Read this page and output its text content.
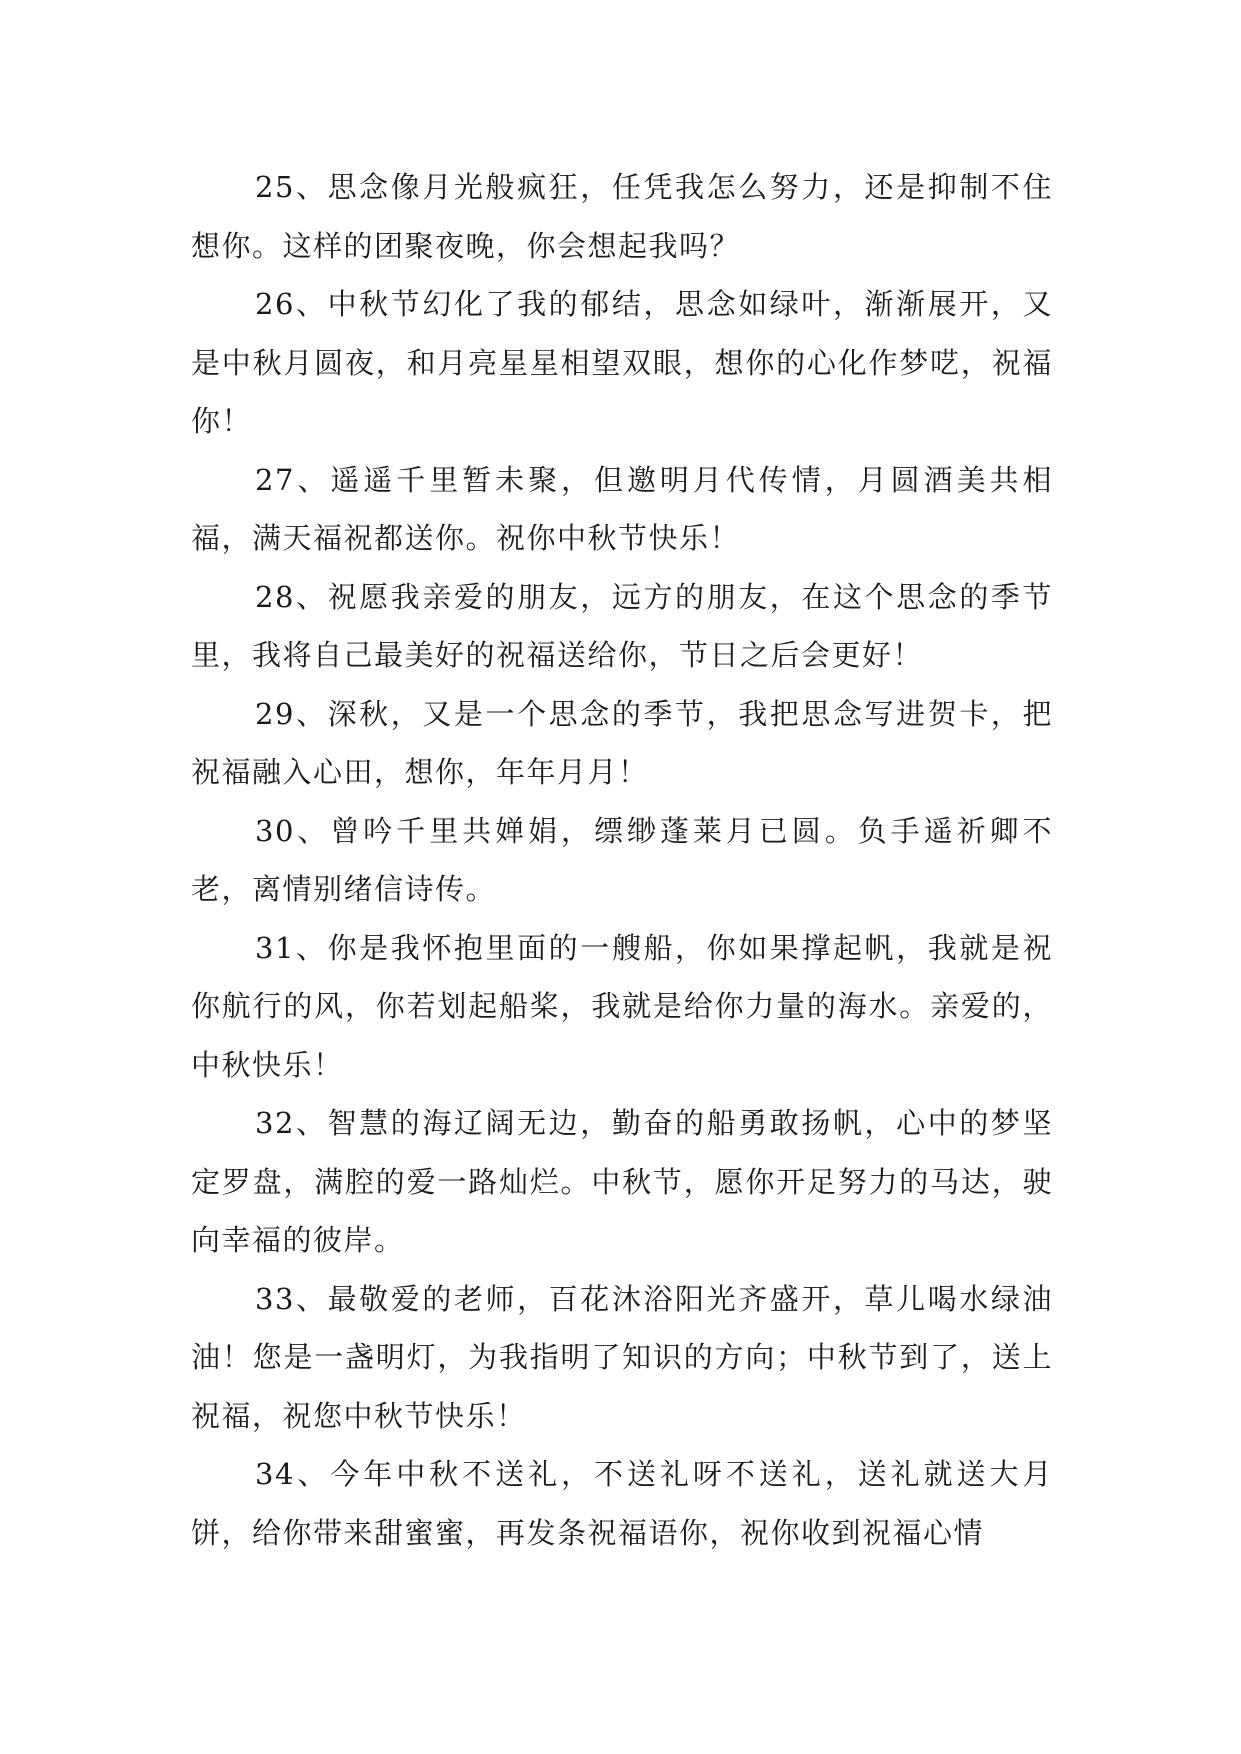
25、思念像月光般疯狂，任凭我怎么努力，还是抑制不住想你。这样的团聚夜晚，你会想起我吗？

26、中秋节幻化了我的郁结，思念如绿叶，渐渐展开，又是中秋月圆夜，和月亮星星相望双眼，想你的心化作梦呓，祝福你！

27、遥遥千里暂未聚，但邀明月代传情，月圆酒美共相福，满天福祝都送你。祝你中秋节快乐！

28、祝愿我亲爱的朋友，远方的朋友，在这个思念的季节里，我将自己最美好的祝福送给你，节日之后会更好！

29、深秋，又是一个思念的季节，我把思念写进贺卡，把祝福融入心田，想你，年年月月！

30、曾吟千里共婵娟，缥缈蓬莱月已圆。负手遥祈卿不老，离情别绪信诗传。

31、你是我怀抱里面的一艘船，你如果撑起帆，我就是祝你航行的风，你若划起船桨，我就是给你力量的海水。亲爱的，中秋快乐！

32、智慧的海辽阔无边，勤奋的船勇敢扬帆，心中的梦坚定罗盘，满腔的爱一路灿烂。中秋节，愿你开足努力的马达，驶向幸福的彼岸。

33、最敬爱的老师，百花沐浴阳光齐盛开，草儿喝水绿油油！您是一盏明灯，为我指明了知识的方向；中秋节到了，送上祝福，祝您中秋节快乐！

34、今年中秋不送礼，不送礼呀不送礼，送礼就送大月饼，给你带来甜蜜蜜，再发条祝福语你，祝你收到祝福心情
